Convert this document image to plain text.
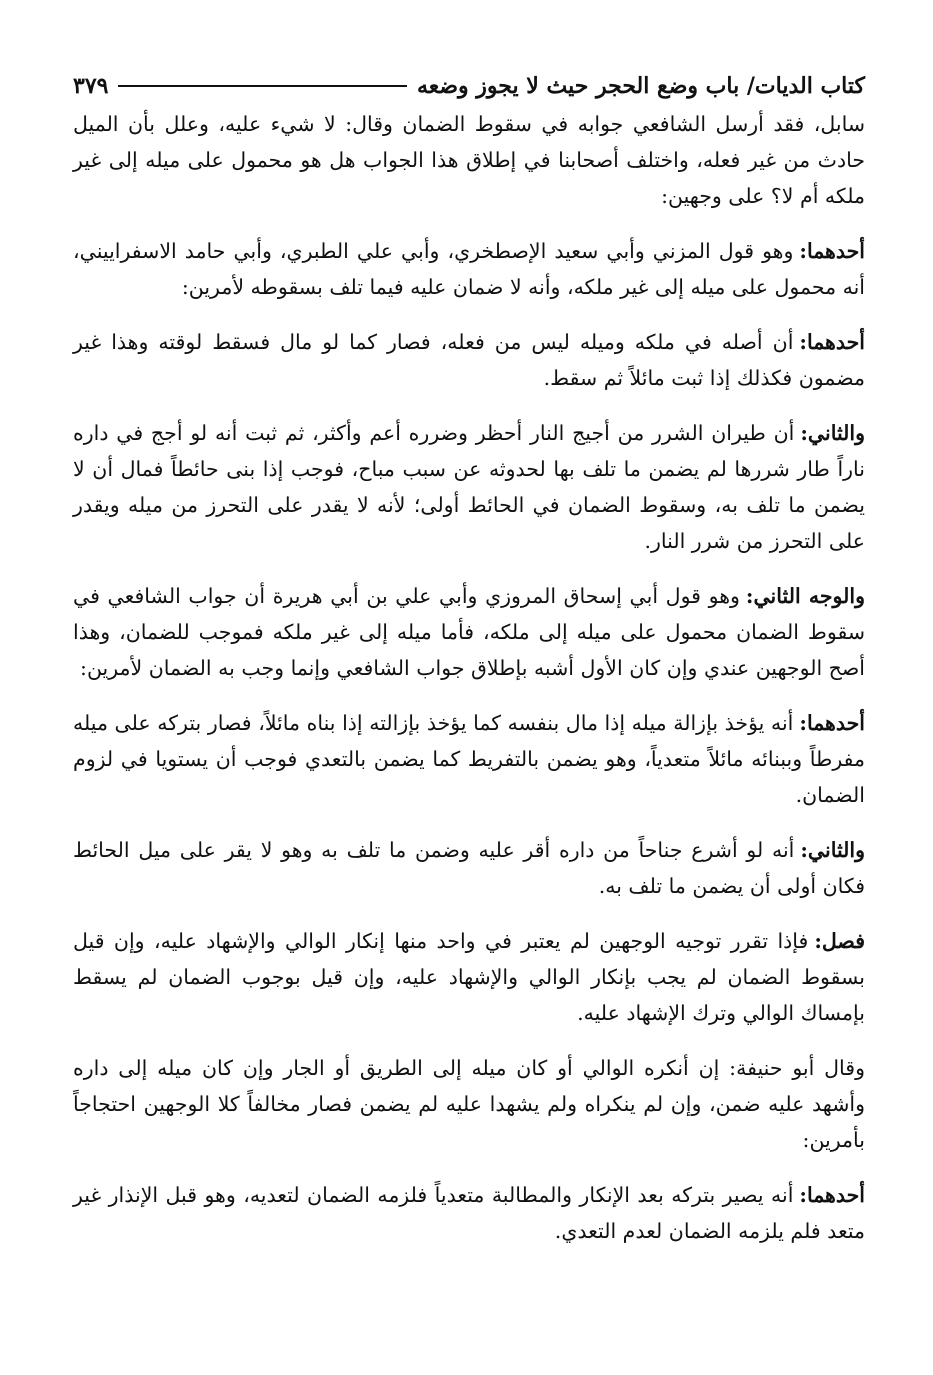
كتاب الديات/ باب وضع الحجر حيث لا يجوز وضعه
٣٧٩

سابل، فقد أرسل الشافعي جوابه في سقوط الضمان وقال: لا شيء عليه، وعلل بأن الميل حادث من غير فعله، واختلف أصحابنا في إطلاق هذا الجواب هل هو محمول على ميله إلى غير ملكه أم لا؟ على وجهين:

أحدهما:وهو قول المزني وأبي سعيد الإصطخري، وأبي علي الطبري، وأبي حامد الاسفراييني، أنه محمول على ميله إلى غير ملكه، وأنه لا ضمان عليه فيما تلف بسقوطه لأمرين:

أحدهما:أن أصله في ملكه وميله ليس من فعله، فصار كما لو مال فسقط لوقته وهذا غير مضمون فكذلك إذا ثبت مائلاً ثم سقط.

والثاني:أن طيران الشرر من أجيج النار أحظر وضرره أعم وأكثر، ثم ثبت أنه لو أجج في داره ناراً طار شررها لم يضمن ما تلف بها لحدوثه عن سبب مباح، فوجب إذا بنى حائطاً فمال أن لا يضمن ما تلف به، وسقوط الضمان في الحائط أولى؛ لأنه لا يقدر على التحرز من ميله ويقدر على التحرز من شرر النار.

والوجه الثاني:وهو قول أبي إسحاق المروزي وأبي علي بن أبي هريرة أن جواب الشافعي في سقوط الضمان محمول على ميله إلى ملكه، فأما ميله إلى غير ملكه فموجب للضمان، وهذا أصح الوجهين عندي وإن كان الأول أشبه بإطلاق جواب الشافعي وإنما وجب به الضمان لأمرين:

أحدهما:أنه يؤخذ بإزالة ميله إذا مال بنفسه كما يؤخذ بإزالته إذا بناه مائلاً، فصار بتركه على ميله مفرطاً وببنائه مائلاً متعدياً، وهو يضمن بالتفريط كما يضمن بالتعدي فوجب أن يستويا في لزوم الضمان.

والثاني:أنه لو أشرع جناحاً من داره أقر عليه وضمن ما تلف به وهو لا يقر على ميل الحائط فكان أولى أن يضمن ما تلف به.

فصل:فإذا تقرر توجيه الوجهين لم يعتبر في واحد منها إنكار الوالي والإشهاد عليه، وإن قيل بسقوط الضمان لم يجب بإنكار الوالي والإشهاد عليه، وإن قيل بوجوب الضمان لم يسقط بإمساك الوالي وترك الإشهاد عليه.

وقال أبو حنيفة: إن أنكره الوالي أو كان ميله إلى الطريق أو الجار وإن كان ميله إلى داره وأشهد عليه ضمن، وإن لم ينكراه ولم يشهدا عليه لم يضمن فصار مخالفاً كلا الوجهين احتجاجاً بأمرين:

أحدهما:أنه يصير بتركه بعد الإنكار والمطالبة متعدياً فلزمه الضمان لتعديه، وهو قبل الإنذار غير متعد فلم يلزمه الضمان لعدم التعدي.
